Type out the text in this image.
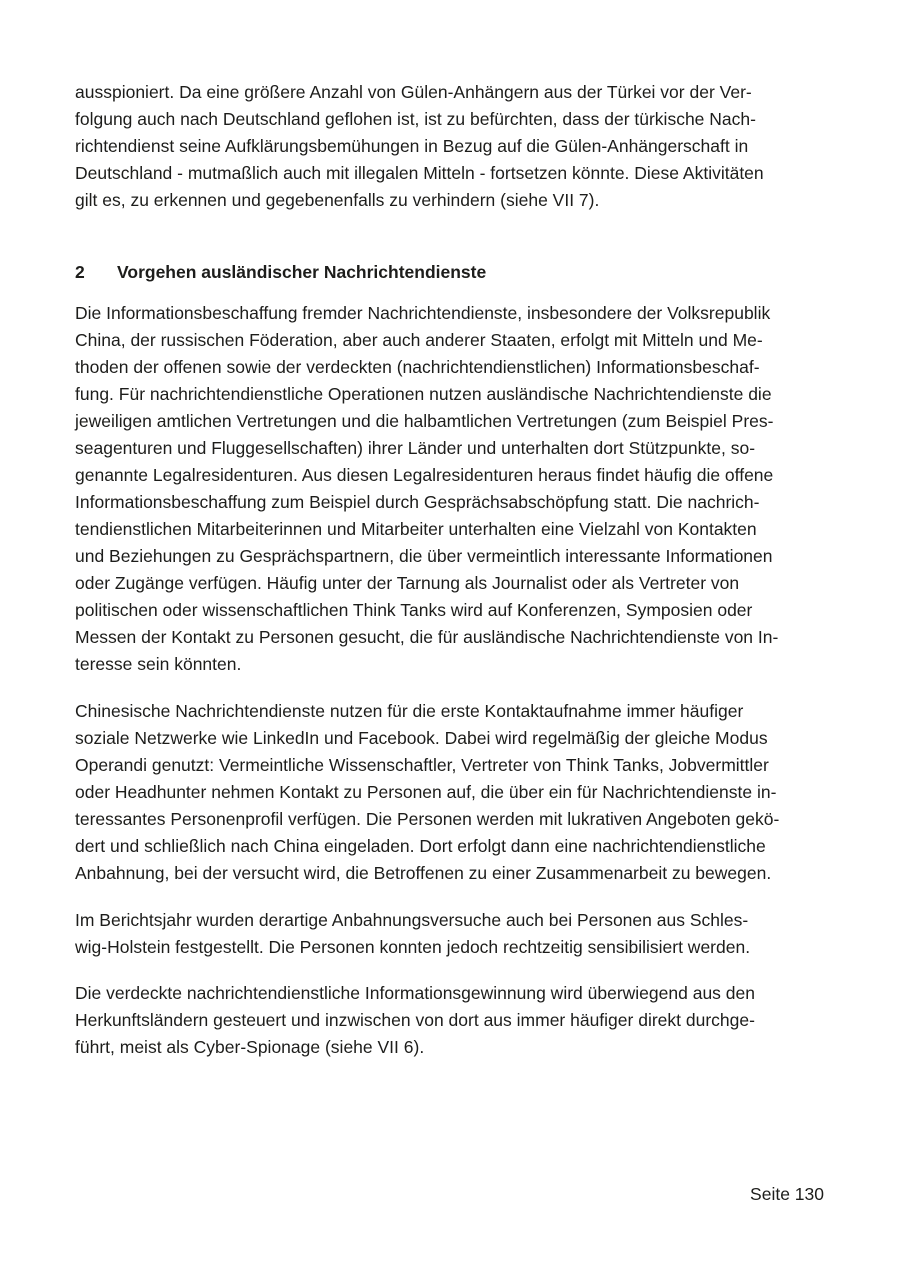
ausspioniert. Da eine größere Anzahl von Gülen-Anhängern aus der Türkei vor der Ver-
folgung auch nach Deutschland geflohen ist, ist zu befürchten, dass der türkische Nach-
richtendienst seine Aufklärungsbemühungen in Bezug auf die Gülen-Anhängerschaft in
Deutschland - mutmaßlich auch mit illegalen Mitteln - fortsetzen könnte. Diese Aktivitäten
gilt es, zu erkennen und gegebenenfalls zu verhindern (siehe VII 7).
2 Vorgehen ausländischer Nachrichtendienste
Die Informationsbeschaffung fremder Nachrichtendienste, insbesondere der Volksrepublik
China, der russischen Föderation, aber auch anderer Staaten, erfolgt mit Mitteln und Me-
thoden der offenen sowie der verdeckten (nachrichtendienstlichen) Informationsbeschaf-
fung. Für nachrichtendienstliche Operationen nutzen ausländische Nachrichtendienste die
jeweiligen amtlichen Vertretungen und die halbamtlichen Vertretungen (zum Beispiel Pres-
seagenturen und Fluggesellschaften) ihrer Länder und unterhalten dort Stützpunkte, so-
genannte Legalresidenturen. Aus diesen Legalresidenturen heraus findet häufig die offene
Informationsbeschaffung zum Beispiel durch Gesprächsabschöpfung statt. Die nachrich-
tendienstlichen Mitarbeiterinnen und Mitarbeiter unterhalten eine Vielzahl von Kontakten
und Beziehungen zu Gesprächspartnern, die über vermeintlich interessante Informationen
oder Zugänge verfügen. Häufig unter der Tarnung als Journalist oder als Vertreter von
politischen oder wissenschaftlichen Think Tanks wird auf Konferenzen, Symposien oder
Messen der Kontakt zu Personen gesucht, die für ausländische Nachrichtendienste von In-
teresse sein könnten.
Chinesische Nachrichtendienste nutzen für die erste Kontaktaufnahme immer häufiger
soziale Netzwerke wie LinkedIn und Facebook. Dabei wird regelmäßig der gleiche Modus
Operandi genutzt: Vermeintliche Wissenschaftler, Vertreter von Think Tanks, Jobvermittler
oder Headhunter nehmen Kontakt zu Personen auf, die über ein für Nachrichtendienste in-
teressantes Personenprofil verfügen. Die Personen werden mit lukrativen Angeboten gekö-
dert und schließlich nach China eingeladen. Dort erfolgt dann eine nachrichtendienstliche
Anbahnung, bei der versucht wird, die Betroffenen zu einer Zusammenarbeit zu bewegen.
Im Berichtsjahr wurden derartige Anbahnungsversuche auch bei Personen aus Schles-
wig-Holstein festgestellt. Die Personen konnten jedoch rechtzeitig sensibilisiert werden.
Die verdeckte nachrichtendienstliche Informationsgewinnung wird überwiegend aus den
Herkunftsländern gesteuert und inzwischen von dort aus immer häufiger direkt durchge-
führt, meist als Cyber-Spionage (siehe VII 6).
Seite 130
